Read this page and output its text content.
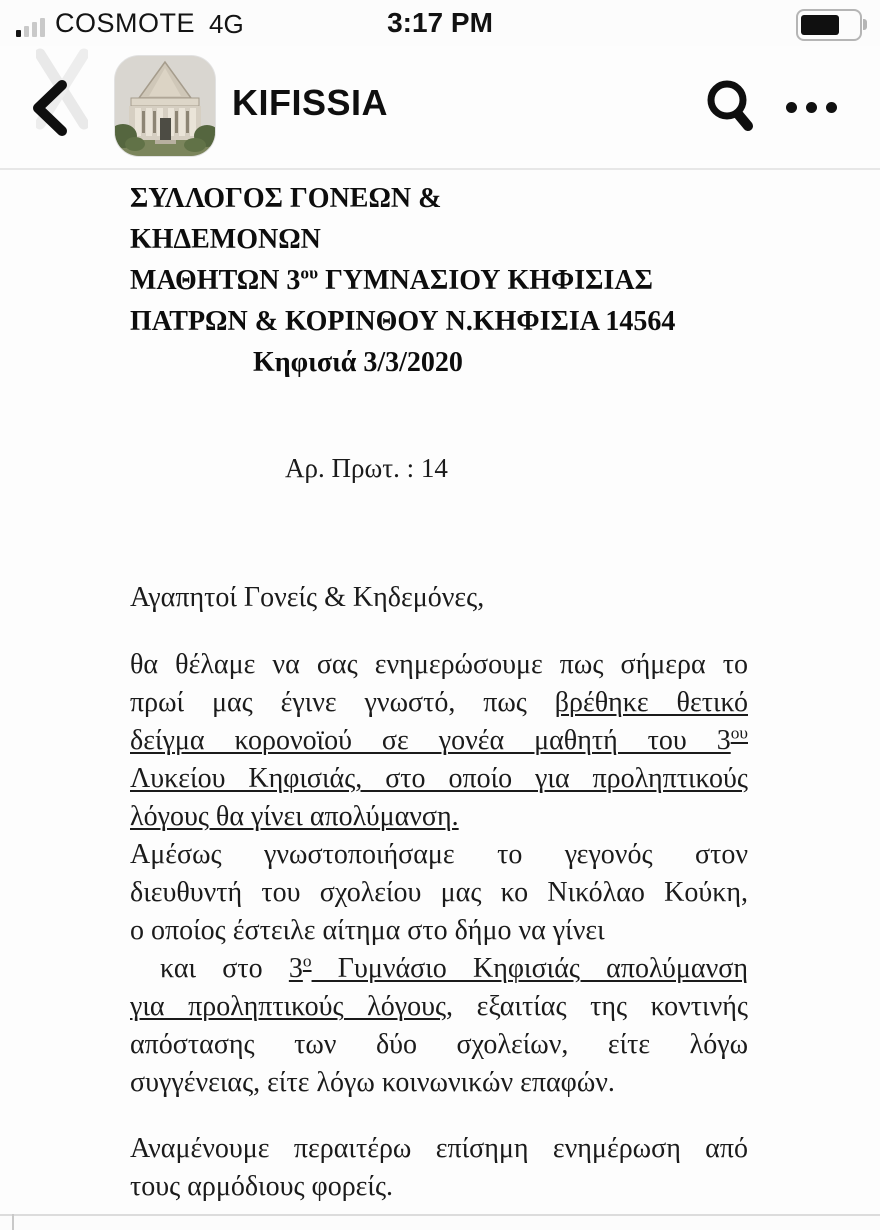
COSMOTE 4G	3:17 PM
KIFISSIA
ΣΥΛΛΟΓΟΣ ΓΟΝΕΩΝ &
ΚΗΔΕΜΟΝΩΝ
ΜΑΘΗΤΩΝ $3^{o\upsilon}$ ΓΥΜΝΑΣΙΟΥ ΚΗΦΙΣΙΑΣ
ΠΑΤΡΩΝ & ΚΟΡΙΝΘΟΥ Ν.ΚΗΦΙΣΙΑ 14564
Κηφισιά 3/3/2020
Αρ. Πρωτ. : 14
Αγαπητοί Γονείς & Κηδεμόνες,
θα θέλαμε να σας ενημερώσουμε πως σήμερα το
πρωί μας έγινε γνωστό, πως βρέθηκε θετικό
δείγμα κορονοϊού σε γονέα μαθητή του $3^{o\upsilon}$
Λυκείου Κηφισιάς, στο οποίο για προληπτικούς
λόγους θα γίνει απολύμανση.
Αμέσως γνωστοποιήσαμε το γεγονός στον
διευθυντή του σχολείου μας κο Νικόλαο Κούκη,
ο οποίος έστειλε αίτημα στο δήμο να γίνει
και στο $3^o$ Γυμνάσιο Κηφισιάς απολύμανση
για προληπτικούς λόγους, εξαιτίας της κοντινής
απόστασης των δύο σχολείων, είτε λόγω
συγγένειας, είτε λόγω κοινωνικών επαφών.
Αναμένουμε περαιτέρω επίσημη ενημέρωση από
τους αρμόδιους φορείς.
